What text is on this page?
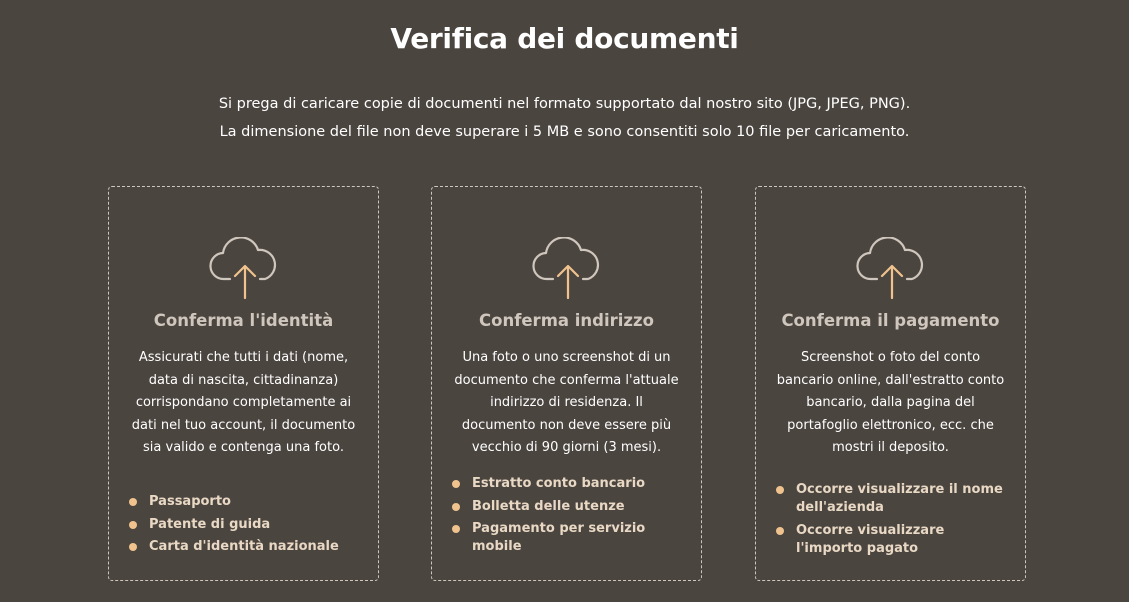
Verifica dei documenti

Si prega di caricare copie di documenti nel formato supportato dal nostro sito (JPG, JPEG, PNG).
La dimensione del file non deve superare i 5 MB e sono consentiti solo 10 file per caricamento.

Conferma l'identità

Assicurati che tutti i dati (nome, data di nascita, cittadinanza) corrispondano completamente ai dati nel tuo account, il documento sia valido e contenga una foto.

Passaporto
Patente di guida
Carta d'identità nazionale
Conferma indirizzo

Una foto o uno screenshot di un documento che conferma l'attuale indirizzo di residenza. Il documento non deve essere più vecchio di 90 giorni (3 mesi).

Estratto conto bancario
Bolletta delle utenze
Pagamento per servizio mobile
Conferma il pagamento

Screenshot o foto del conto bancario online, dall'estratto conto bancario, dalla pagina del portafoglio elettronico, ecc. che mostri il deposito.

Occorre visualizzare il nome dell'azienda
Occorre visualizzare l'importo pagato
